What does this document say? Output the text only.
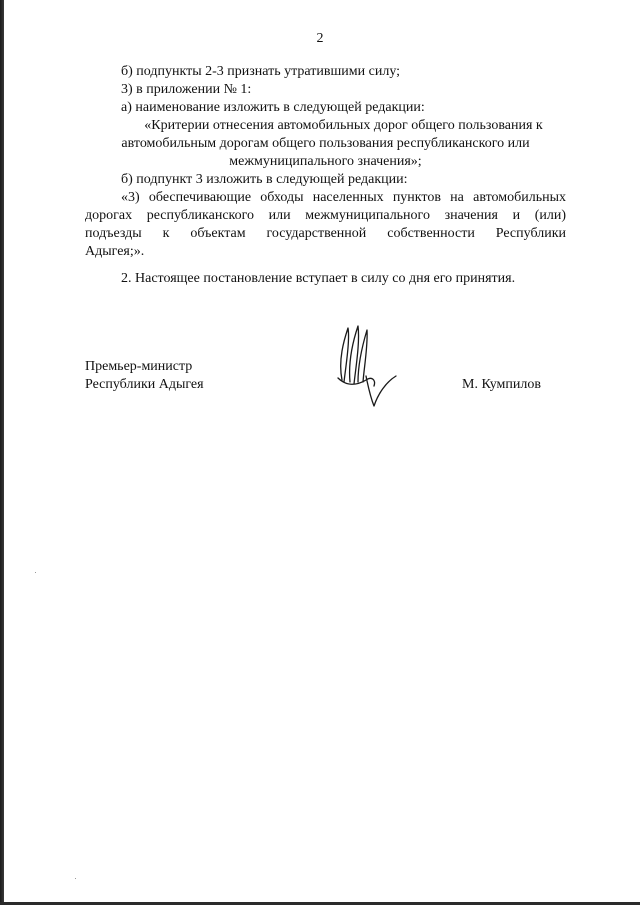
2
б) подпункты 2-3 признать утратившими силу;
3) в приложении № 1:
а) наименование изложить в следующей редакции:
«Критерии отнесения автомобильных дорог общего пользования к
автомобильным дорогам общего пользования республиканского или
межмуниципального значения»;
б) подпункт 3 изложить в следующей редакции:
«3) обеспечивающие обходы населенных пунктов на автомобильных
дорогах республиканского или межмуниципального значения и (или)
подъезды к объектам государственной собственности Республики
Адыгея;».
2. Настоящее постановление вступает в силу со дня его принятия.
Премьер-министр
Республики Адыгея	М. Кумпилов
